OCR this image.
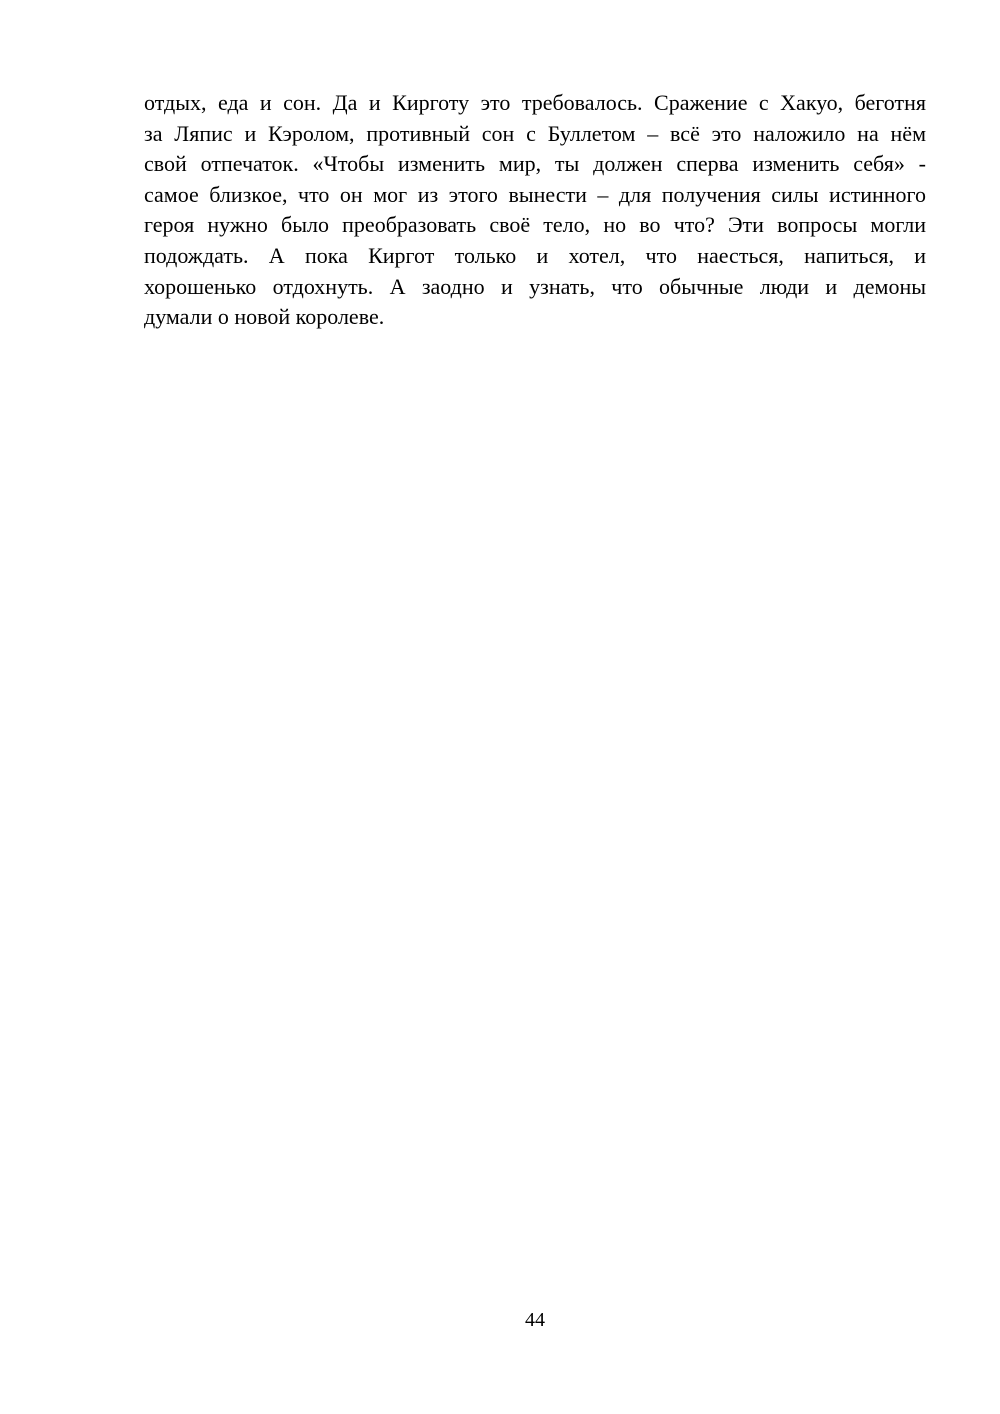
отдых, еда и сон. Да и Кирготу это требовалось. Сражение с Хакуо, беготня
за Ляпис и Кэролом, противный сон с Буллетом – всё это наложило на нём
свой отпечаток. «Чтобы изменить мир, ты должен сперва изменить себя» -
самое близкое, что он мог из этого вынести – для получения силы истинного
героя нужно было преобразовать своё тело, но во что? Эти вопросы могли
подождать. А пока Киргот только и хотел, что наесться, напиться, и
хорошенько отдохнуть. А заодно и узнать, что обычные люди и демоны
думали о новой королеве.
44
